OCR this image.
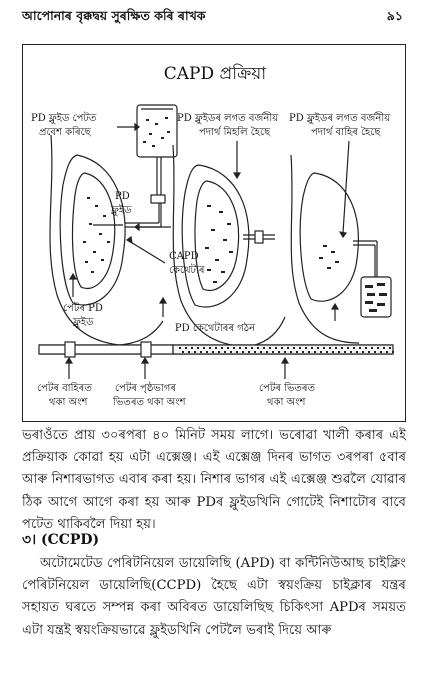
আপোনাৰ বৃক্কদ্বয় সুৰক্ষিত কৰি ৰাখক	৯১
CAPD প্ৰক্ৰিয়া
PD ফ্লুইড পেটত
প্ৰবেশ কৰিছে
PD ফ্লুইডৰ লগত বৰ্জনীয়
পদাৰ্থ মিহলি হৈছে
PD ফ্লুইডৰ লগত বৰ্জনীয়
পদাৰ্থ বাহিৰ হৈছে
PD
ফ্লুইড
CAPD
কেথেটাৰ
পেটৰ PD
ফ্লুইড
PD কেথেটাৰৰ গঠন
পেটৰ বাহিৰত
থকা অংশ
পেটৰ পৃষ্ঠভাগৰ
ভিতৰত থকা অংশ
পেটৰ ভিতৰত
থকা অংশ
ভৰাওঁতে প্ৰায় ৩০ৰপৰা ৪০ মিনিট সময় লাগে। ভৰোৱা খালী কৰাৰ এই প্ৰক্ৰিয়াক কোৱা হয় এটা এক্সেঞ্জ। এই এক্সেঞ্জ দিনৰ ভাগত ৩ৰপৰা ৫বাৰ আৰু নিশাৰভাগত এবাৰ কৰা হয়। নিশাৰ ভাগৰ এই এক্সেঞ্জ শুৱলৈ যোৱাৰ ঠিক আগে আগে কৰা হয় আৰু PDৰ ফ্লুইডখিনি গোটেই নিশাটোৰ বাবে পটেত থাকিবলৈ দিয়া হয়।
৩। (CCPD)
অটোমেটেড পেৰিটনিয়েল ডায়েলিছি (APD) বা কন্টিনিউআছ চাইক্লিং পেৰিটনিয়েল ডায়েলিছি(CCPD) হৈছে এটা স্বয়ংক্ৰিয় চাইক্লাৰ যন্ত্ৰৰ সহায়ত ঘৰতে সম্পন্ন কৰা অবিৰত ডায়েলিছিছ চিকিৎসা APDৰ সময়ত এটা যন্ত্ৰই স্বয়ংক্ৰিয়ভাৱে ফ্লুইডখিনি পেটলৈ ভৰাই দিয়ে আৰু
